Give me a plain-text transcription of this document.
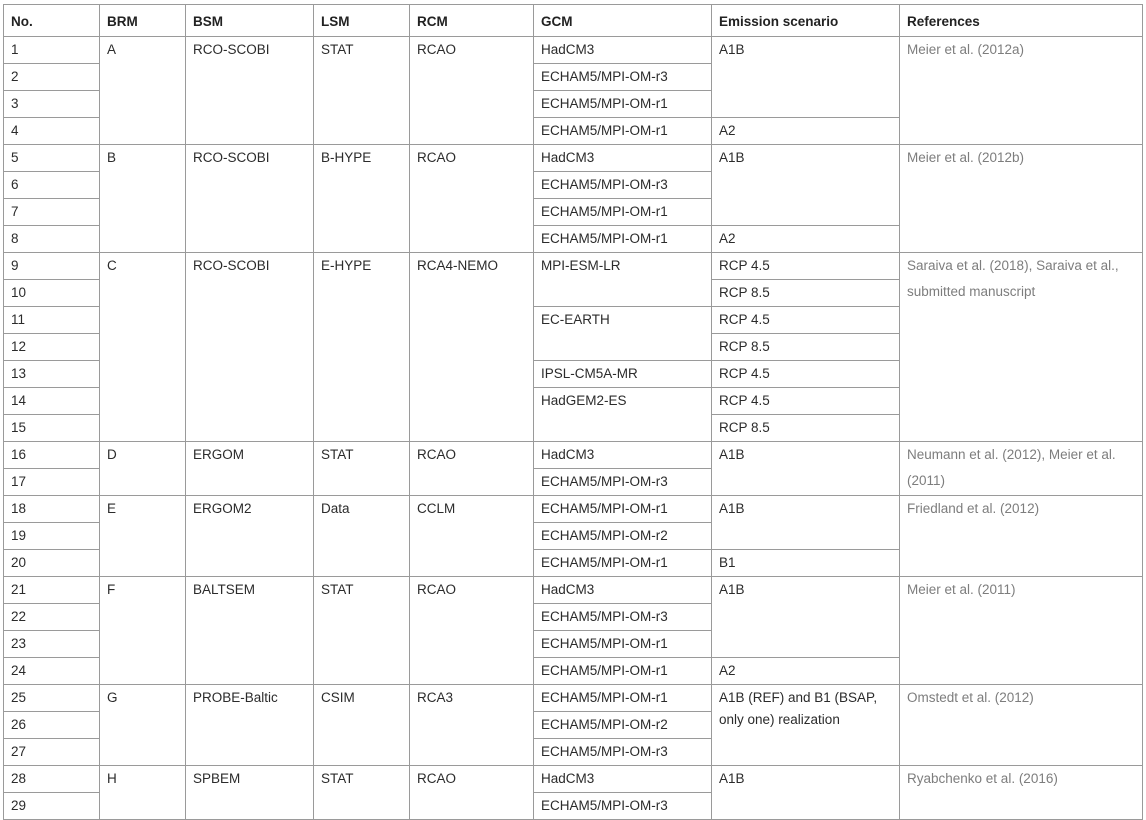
No.	BRM	BSM	LSM	RCM	GCM	Emission scenario	References
1	A	RCO-SCOBI	STAT	RCAO	HadCM3	A1B	Meier et al. (2012a)
2					ECHAM5/MPI-OM-r3		
3					ECHAM5/MPI-OM-r1		
4					ECHAM5/MPI-OM-r1	A2	
5	B	RCO-SCOBI	B-HYPE	RCAO	HadCM3	A1B	Meier et al. (2012b)
6					ECHAM5/MPI-OM-r3		
7					ECHAM5/MPI-OM-r1		
8					ECHAM5/MPI-OM-r1	A2	
9	C	RCO-SCOBI	E-HYPE	RCA4-NEMO	MPI-ESM-LR	RCP 4.5	Saraiva et al. (2018), Saraiva et al., submitted manuscript
10						RCP 8.5	
11					EC-EARTH	RCP 4.5	
12						RCP 8.5	
13					IPSL-CM5A-MR	RCP 4.5	
14					HadGEM2-ES	RCP 4.5	
15						RCP 8.5	
16	D	ERGOM	STAT	RCAO	HadCM3	A1B	Neumann et al. (2012), Meier et al. (2011)
17					ECHAM5/MPI-OM-r3		
18	E	ERGOM2	Data	CCLM	ECHAM5/MPI-OM-r1	A1B	Friedland et al. (2012)
19					ECHAM5/MPI-OM-r2		
20					ECHAM5/MPI-OM-r1	B1	
21	F	BALTSEM	STAT	RCAO	HadCM3	A1B	Meier et al. (2011)
22					ECHAM5/MPI-OM-r3		
23					ECHAM5/MPI-OM-r1		
24					ECHAM5/MPI-OM-r1	A2	
25	G	PROBE-Baltic	CSIM	RCA3	ECHAM5/MPI-OM-r1	A1B (REF) and B1 (BSAP, only one) realization	Omstedt et al. (2012)
26					ECHAM5/MPI-OM-r2		
27					ECHAM5/MPI-OM-r3		
28	H	SPBEM	STAT	RCAO	HadCM3	A1B	Ryabchenko et al. (2016)
29					ECHAM5/MPI-OM-r3		
